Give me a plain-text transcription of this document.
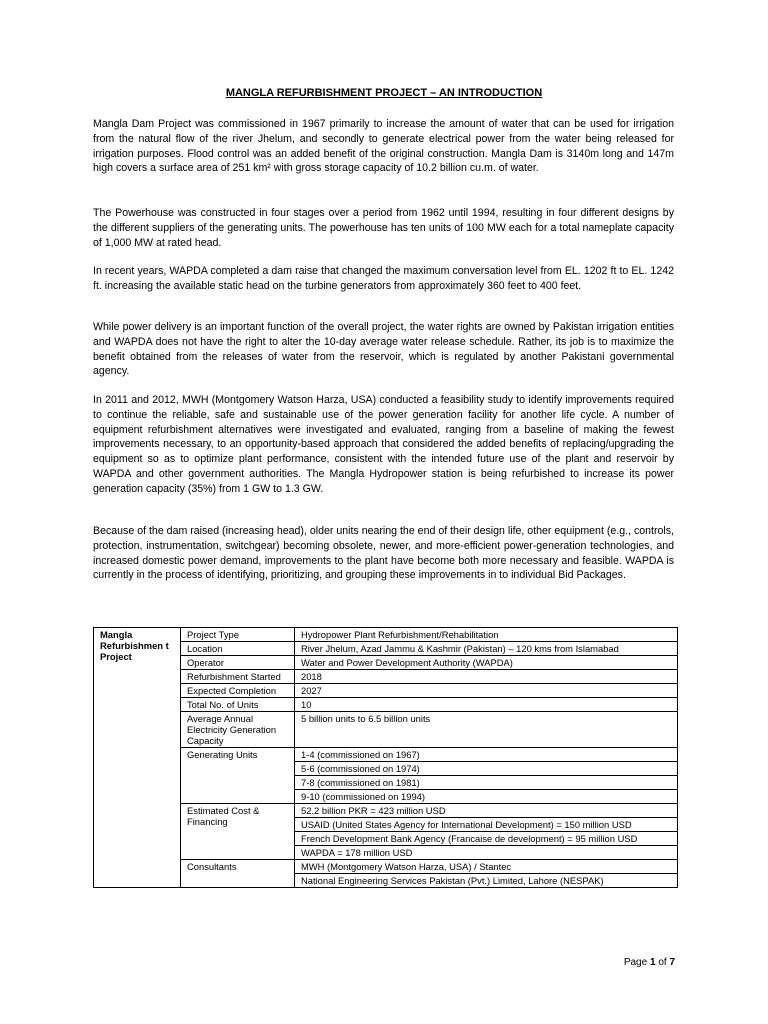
MANGLA REFURBISHMENT PROJECT – AN INTRODUCTION

Mangla Dam Project was commissioned in 1967 primarily to increase the amount of water that can be used for irrigation from the natural flow of the river Jhelum, and secondly to generate electrical power from the water being released for irrigation purposes. Flood control was an added benefit of the original construction. Mangla Dam is 3140m long and 147m high covers a surface area of 251 km² with gross storage capacity of 10.2 billion cu.m. of water.

The Powerhouse was constructed in four stages over a period from 1962 until 1994, resulting in four different designs by the different suppliers of the generating units. The powerhouse has ten units of 100 MW each for a total nameplate capacity of 1,000 MW at rated head.

In recent years, WAPDA completed a dam raise that changed the maximum conversation level from EL. 1202 ft to EL. 1242 ft. increasing the available static head on the turbine generators from approximately 360 feet to 400 feet.

While power delivery is an important function of the overall project, the water rights are owned by Pakistan irrigation entities and WAPDA does not have the right to alter the 10-day average water release schedule. Rather, its job is to maximize the benefit obtained from the releases of water from the reservoir, which is regulated by another Pakistani governmental agency.

In 2011 and 2012, MWH (Montgomery Watson Harza, USA) conducted a feasibility study to identify improvements required to continue the reliable, safe and sustainable use of the power generation facility for another life cycle. A number of equipment refurbishment alternatives were investigated and evaluated, ranging from a baseline of making the fewest improvements necessary, to an opportunity-based approach that considered the added benefits of replacing/upgrading the equipment so as to optimize plant performance, consistent with the intended future use of the plant and reservoir by WAPDA and other government authorities. The Mangla Hydropower station is being refurbished to increase its power generation capacity (35%) from 1 GW to 1.3 GW.

Because of the dam raised (increasing head), older units nearing the end of their design life, other equipment (e.g., controls, protection, instrumentation, switchgear) becoming obsolete, newer, and more-efficient power-generation technologies, and increased domestic power demand, improvements to the plant have become both more necessary and feasible. WAPDA is currently in the process of identifying, prioritizing, and grouping these improvements in to individual Bid Packages.

Mangla Refurbishmen t Project	Project Type	Hydropower Plant Refurbishment/Rehabilitation
	Location	River Jhelum, Azad Jammu & Kashmir (Pakistan) – 120 kms from Islamabad
	Operator	Water and Power Development Authority (WAPDA)
	Refurbishment Started	2018
	Expected Completion	2027
	Total No. of Units	10
	Average Annual Electricity Generation Capacity	5 billion units to 6.5 billion units
	Generating Units	1-4 (commissioned on 1967)
		5-6 (commissioned on 1974)
		7-8 (commissioned on 1981)
		9-10 (commissioned on 1994)
	Estimated Cost & Financing	52.2 billion PKR = 423 million USD
		USAID (United States Agency for International Development) = 150 million USD
		French Development Bank Agency (Francaise de development) = 95 million USD
		WAPDA = 178 million USD
	Consultants	MWH (Montgomery Watson Harza, USA) / Stantec
		National Engineering Services Pakistan (Pvt.) Limited, Lahore (NESPAK)
Page 1 of 7
